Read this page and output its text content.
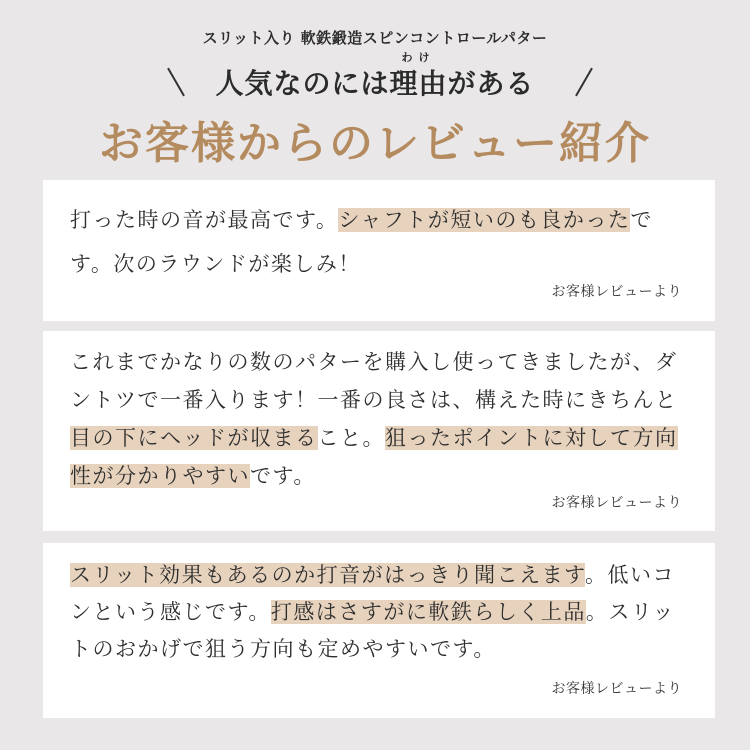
スリット入り 軟鉄鍛造スピンコントロールパター
人気なのには
わけ
理由がある
お客様からのレビュー紹介
打った時の音が最高です。シャフトが短いのも良かったです。次のラウンドが楽しみ！
お客様レビューより
これまでかなりの数のパターを購入し使ってきましたが、ダントツで一番入ります！一番の良さは、構えた時にきちんと目の下にヘッドが収まること。狙ったポイントに対して方向性が分かりやすいです。
お客様レビューより
スリット効果もあるのか打音がはっきり聞こえます。低いコンという感じです。打感はさすがに軟鉄らしく上品。スリットのおかげで狙う方向も定めやすいです。
お客様レビューより
